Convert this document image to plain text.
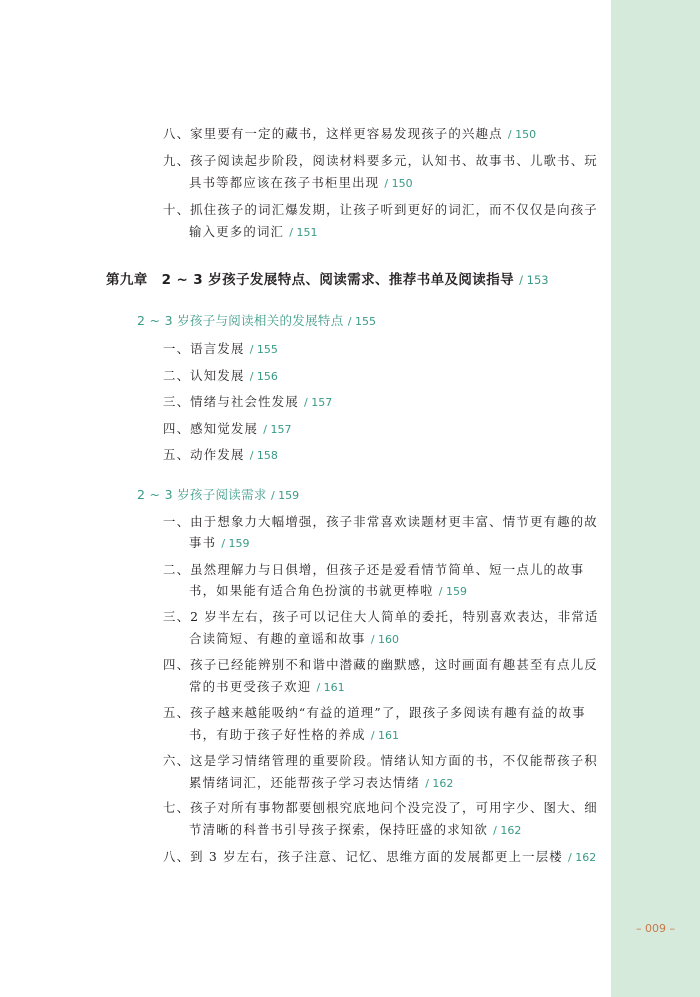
八、家里要有一定的藏书，这样更容易发现孩子的兴趣点 / 150
九、孩子阅读起步阶段，阅读材料要多元，认知书、故事书、儿歌书、玩
具书等都应该在孩子书柜里出现 / 150
十、抓住孩子的词汇爆发期，让孩子听到更好的词汇，而不仅仅是向孩子
输入更多的词汇 / 151
第九章　2 ~ 3 岁孩子发展特点、阅读需求、推荐书单及阅读指导 / 153
2 ~ 3 岁孩子与阅读相关的发展特点 / 155
一、语言发展 / 155
二、认知发展 / 156
三、情绪与社会性发展 / 157
四、感知觉发展 / 157
五、动作发展 / 158
2 ~ 3 岁孩子阅读需求 / 159
一、由于想象力大幅增强，孩子非常喜欢读题材更丰富、情节更有趣的故
事书 / 159
二、虽然理解力与日俱增，但孩子还是爱看情节简单、短一点儿的故事
书，如果能有适合角色扮演的书就更棒啦 / 159
三、2 岁半左右，孩子可以记住大人简单的委托，特别喜欢表达，非常适
合读简短、有趣的童谣和故事 / 160
四、孩子已经能辨别不和谐中潜藏的幽默感，这时画面有趣甚至有点儿反
常的书更受孩子欢迎 / 161
五、孩子越来越能吸纳“有益的道理”了，跟孩子多阅读有趣有益的故事
书，有助于孩子好性格的养成 / 161
六、这是学习情绪管理的重要阶段。情绪认知方面的书，不仅能帮孩子积
累情绪词汇，还能帮孩子学习表达情绪 / 162
七、孩子对所有事物都要刨根究底地问个没完没了，可用字少、图大、细
节清晰的科普书引导孩子探索，保持旺盛的求知欲 / 162
八、到 3 岁左右，孩子注意、记忆、思维方面的发展都更上一层楼 / 162
– 009 –
